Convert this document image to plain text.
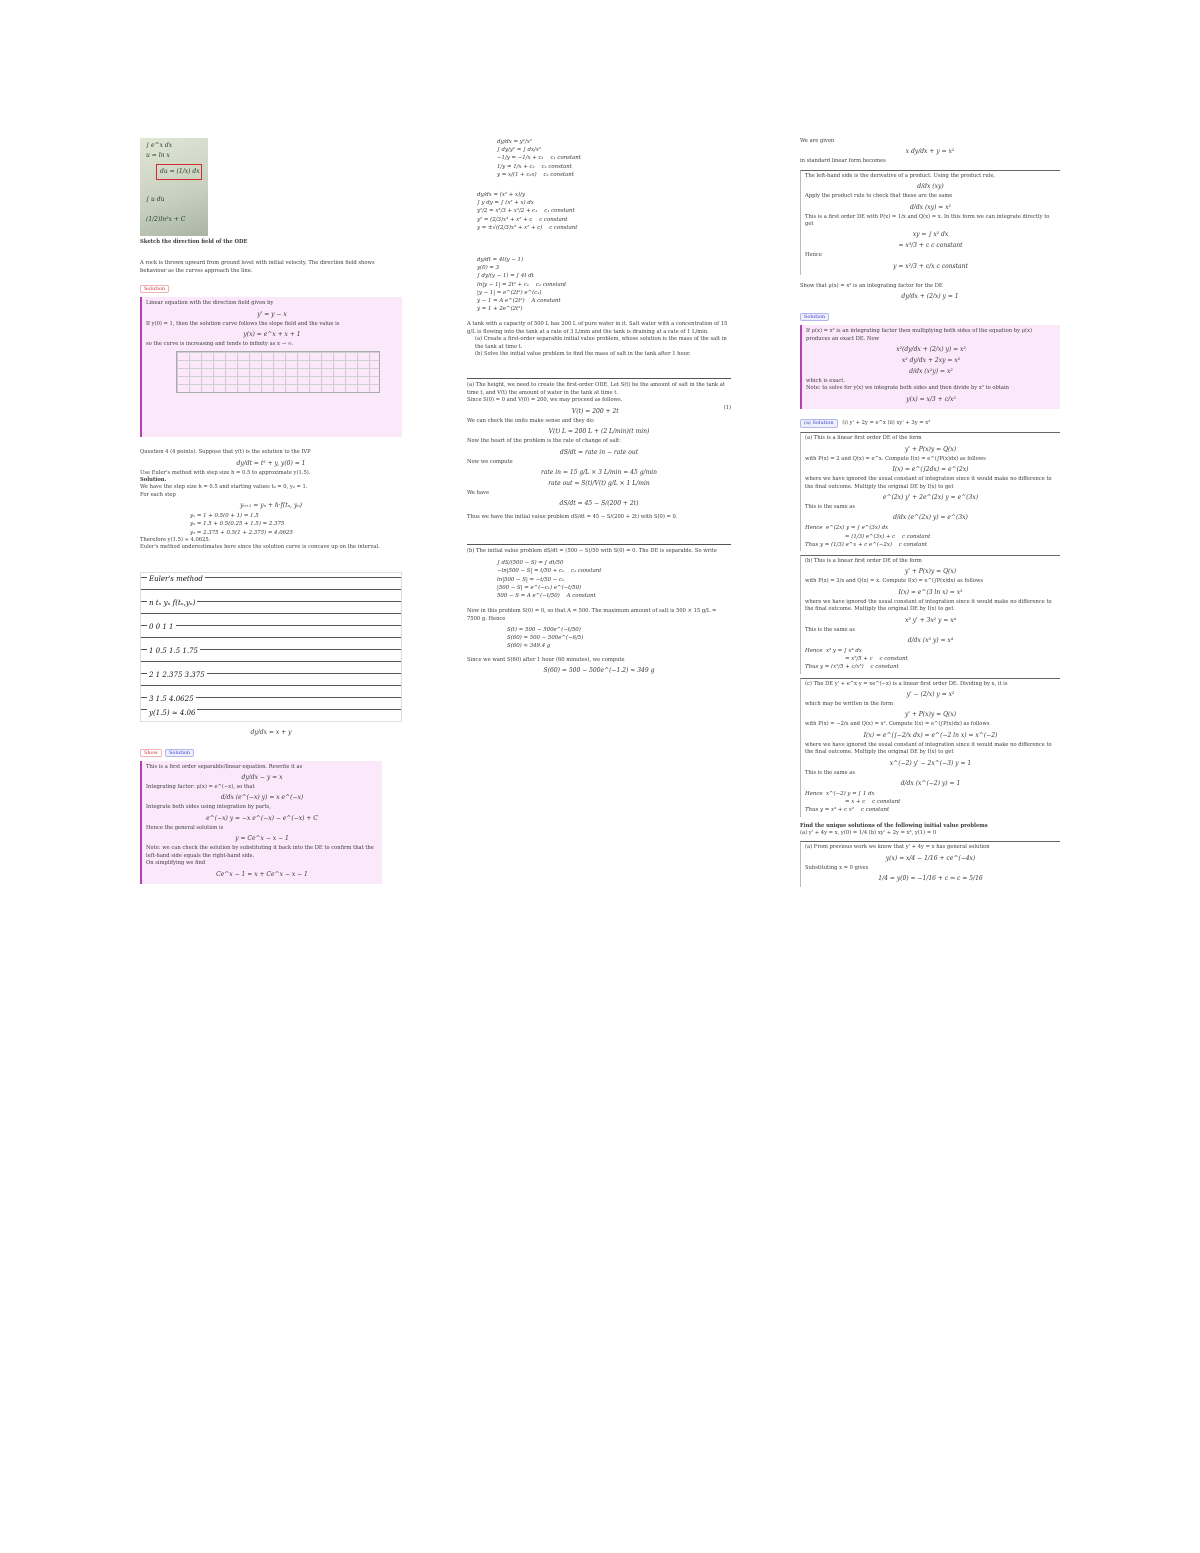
∫ e^x dx
u = ln x
du = (1/x) dx
∫ u du
(1/2)ln²x + C

Sketch the direction field of the ODE

A rock is thrown upward from ground level with initial velocity. The direction field shows behaviour as the curves approach the line.

Solution

Linear equation with the direction field given by

y' = y − x

If y(0) = 1, then the solution curve follows the slope field and the value is

y(x) = e^x + x + 1

so the curve is increasing and tends to infinity as x → ∞.

Question 4 (4 points). Suppose that y(t) is the solution to the IVP

dy/dt = t² + y, y(0) = 1

Use Euler's method with step size h = 0.5 to approximate y(1.5).

Solution.

We have the step size h = 0.5 and starting values t₀ = 0, y₀ = 1.

For each step

yₙ₊₁ = yₙ + h·f(tₙ, yₙ)

y₁ = 1 + 0.5(0 + 1) = 1.5

y₂ = 1.5 + 0.5(0.25 + 1.5) = 2.375

y₃ = 2.375 + 0.5(1 + 2.375) = 4.0625

Therefore y(1.5) ≈ 4.0625.

Euler's method underestimates here since the solution curve is concave up on the interval.

Euler's method
n tₙ yₙ f(tₙ,yₙ)
0 0 1 1
1 0.5 1.5 1.75
2 1 2.375 3.375
3 1.5 4.0625
y(1.5) ≈ 4.06

dy/dx = x + y

Show Solution

This is a first order separable/linear equation. Rewrite it as

dy/dx − y = x

Integrating factor: μ(x) = e^(−x), so that

d/dx (e^(−x) y) = x e^(−x)

Integrate both sides using integration by parts,

e^(−x) y = −x e^(−x) − e^(−x) + C

Hence the general solution is

y = Ce^x − x − 1

Note: we can check the solution by substituting it back into the DE to confirm that the left-hand side equals the right-hand side.

On simplifying we find

Ce^x − 1 = x + Ce^x − x − 1

dy/dx = y²/x²

∫ dy/y² = ∫ dx/x²

−1/y = −1/x + c₁    c₁ constant

1/y = 1/x + c₂    c₂ constant

y = x/(1 + c₂x)    c₂ constant

dy/dx = (x² + x)/y

∫ y dy = ∫ (x² + x) dx

y²/2 = x³/3 + x²/2 + c₁    c₁ constant

y² = (2/3)x³ + x² + c    c constant

y = ±√((2/3)x³ + x² + c)    c constant

dy/dt = 4t(y − 1)

y(0) = 3

∫ dy/(y − 1) = ∫ 4t dt

ln|y − 1| = 2t² + c₁    c₁ constant

|y − 1| = e^(2t²) e^(c₁)

y − 1 = A e^(2t²)    A constant

y = 1 + 2e^(2t²)

A tank with a capacity of 500 L has 200 L of pure water in it. Salt water with a concentration of 15 g/L is flowing into the tank at a rate of 3 L/min and the tank is draining at a rate of 1 L/min.

(a) Create a first-order separable initial value problem, whose solution is the mass of the salt in the tank at time t.

(b) Solve the initial value problem to find the mass of salt in the tank after 1 hour.

(a) The height, we need to create the first-order ODE. Let S(t) be the amount of salt in the tank at time t, and V(t) the amount of water in the tank at time t.

Since S(0) = 0 and V(0) = 200, we may proceed as follows.

V(t) = 200 + 2t	(1)

We can check the units make sense and they do:

V(t) L = 200 L + (2 L/min)(t min)

Now the heart of the problem is the rate of change of salt:

dS/dt = rate in − rate out

Now we compute

rate in = 15 g/L × 3 L/min = 45 g/min

rate out = S(t)/V(t) g/L × 1 L/min

We have

dS/dt = 45 − S/(200 + 2t)

Thus we have the initial value problem dS/dt = 45 − S/(200 + 2t) with S(0) = 0.

(b) The initial value problem dS/dt = (500 − S)/50 with S(0) = 0. The DE is separable. So write

∫ dS/(500 − S) = ∫ dt/50

−ln|500 − S| = t/50 + c₁    c₁ constant

ln|500 − S| = −t/50 − c₁

|500 − S| = e^(−c₁) e^(−t/50)

500 − S = A e^(−t/50)    A constant

Now in this problem S(0) = 0, so that A = 500. The maximum amount of salt is 500 × 15 g/L = 7500 g. Hence

S(t) = 500 − 500e^(−t/50)

S(60) = 500 − 500e^(−6/5)

S(60) ≈ 349.4 g

Since we want S(60) after 1 hour (60 minutes), we compute

S(60) = 500 − 500e^(−1.2) ≈ 349 g

We are given

x dy/dx + y = x²

in standard linear form becomes

The left-hand side is the derivative of a product. Using the product rule,

d/dx (xy)

Apply the product rule to check that these are the same

d/dx (xy) = x²

This is a first order DE with P(x) = 1/x and Q(x) = x. In this form we can integrate directly to get

xy = ∫ x² dx

= x³/3 + c c constant

Hence

y = x²/3 + c/x c constant

Show that μ(x) = x² is an integrating factor for the DE

dy/dx + (2/x) y = 1

Solution

If μ(x) = x² is an integrating factor then multiplying both sides of the equation by μ(x) produces an exact DE. Now

x²(dy/dx + (2/x) y) = x²

x² dy/dx + 2xy = x²

d/dx (x²y) = x²

which is exact.

Note: to solve for y(x) we integrate both sides and then divide by x² to obtain

y(x) = x/3 + c/x²

(a) Solution (i) y' + 2y = e^x (ii) xy' + 3y = x²

(a) This is a linear first order DE of the form

y' + P(x)y = Q(x)

with P(x) = 2 and Q(x) = e^x. Compute I(x) = e^(∫P(x)dx) as follows

I(x) = e^(∫2dx) = e^(2x)

where we have ignored the usual constant of integration since it would make no difference to the final outcome. Multiply the original DE by I(x) to get

e^(2x) y' + 2e^(2x) y = e^(3x)

This is the same as

d/dx (e^(2x) y) = e^(3x)

Hence  e^(2x) y = ∫ e^(3x) dx

= (1/3) e^(3x) + c    c constant

Thus y = (1/3) e^x + c e^(−2x)    c constant

(b) This is a linear first order DE of the form

y' + P(x)y = Q(x)

with P(x) = 3/x and Q(x) = x. Compute I(x) = e^(∫P(x)dx) as follows

I(x) = e^(3 ln x) = x³

where we have ignored the usual constant of integration since it would make no difference to the final outcome. Multiply the original DE by I(x) to get

x³ y' + 3x² y = x⁴

This is the same as

d/dx (x³ y) = x⁴

Hence  x³ y = ∫ x⁴ dx

= x⁵/5 + c    c constant

Thus y = (x²/5 + c/x³)    c constant

(c) The DE y' + e^x y = xe^(−x) is a linear first order DE. Dividing by x, it is

y' − (2/x) y = x²

which may be written in the form

y' + P(x)y = Q(x)

with P(x) = −2/x and Q(x) = x². Compute I(x) = e^(∫P(x)dx) as follows

I(x) = e^(∫−2/x dx) = e^(−2 ln x) = x^(−2)

where we have ignored the usual constant of integration since it would make no difference to the final outcome. Multiply the original DE by I(x) to get

x^(−2) y' − 2x^(−3) y = 1

This is the same as

d/dx (x^(−2) y) = 1

Hence  x^(−2) y = ∫ 1 dx

= x + c    c constant

Thus y = x³ + c x²    c constant

Find the unique solutions of the following initial value problems

(a) y' + 4y = x, y(0) = 1/4 (b) xy' + 2y = x³, y(1) = 0

(a) From previous work we know that y' + 4y = x has general solution

y(x) = x/4 − 1/16 + ce^(−4x)

Substituting x = 0 gives

1/4 = y(0) = −1/16 + c ⇒ c = 5/16
